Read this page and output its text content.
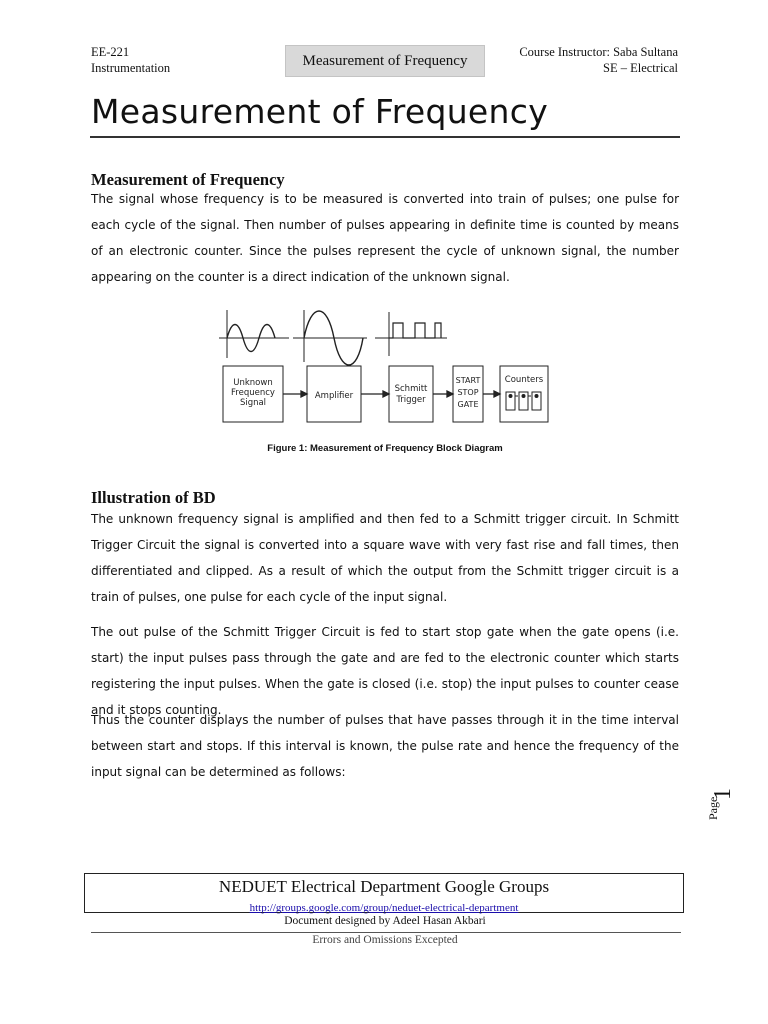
EE-221
Instrumentation	Measurement of Frequency
Course Instructor: Saba Sultana
SE – Electrical
Measurement of Frequency
Measurement of Frequency

The signal whose frequency is to be measured is converted into train of pulses; one pulse for each cycle of the signal. Then number of pulses appearing in definite time is counted by means of an electronic counter. Since the pulses represent the cycle of unknown signal, the number appearing on the counter is a direct indication of the unknown signal.

Unknown
Frequency
Signal
Amplifier
Schmitt
Trigger
START
STOP
GATE
Counters
Figure 1: Measurement of Frequency Block Diagram
Illustration of BD

The unknown frequency signal is amplified and then fed to a Schmitt trigger circuit. In Schmitt Trigger Circuit the signal is converted into a square wave with very fast rise and fall times, then differentiated and clipped. As a result of which the output from the Schmitt trigger circuit is a train of pulses, one pulse for each cycle of the input signal.

The out pulse of the Schmitt Trigger Circuit is fed to start stop gate when the gate opens (i.e. start) the input pulses pass through the gate and are fed to the electronic counter which starts registering the input pulses. When the gate is closed (i.e. stop) the input pulses to counter cease and it stops counting.

Thus the counter displays the number of pulses that have passes through it in the time interval between start and stops. If this interval is known, the pulse rate and hence the frequency of the input signal can be determined as follows:

Page
1
NEDUET Electrical Department Google Groups
http://groups.google.com/group/neduet-electrical-department
Document designed by Adeel Hasan Akbari
Errors and Omissions Excepted
